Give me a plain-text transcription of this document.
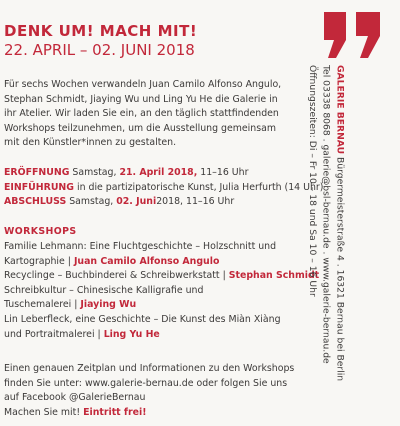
DENK UM! MACH MIT!
22. APRIL – 02. JUNI 2018
Für sechs Wochen verwandeln Juan Camilo Alfonso Angulo,
Stephan Schmidt, Jiaying Wu und Ling Yu He die Galerie in
ihr Atelier. Wir laden Sie ein, an den täglich stattfindenden
Workshops teilzunehmen, um die Ausstellung gemeinsam
mit den Künstler*innen zu gestalten.
ERÖFFNUNG Samstag, 21. April 2018, 11–16 Uhr
EINFÜHRUNG in die partizipatorische Kunst, Julia Herfurth (14 Uhr)
ABSCHLUSS Samstag, 02. Juni2018, 11–16 Uhr
WORKSHOPS
Familie Lehmann: Eine Fluchtgeschichte – Holzschnitt und
Kartographie | Juan Camilo Alfonso Angulo
Recyclinge – Buchbinderei & Schreibwerkstatt | Stephan Schmidt
Schreibkultur – Chinesische Kalligrafie und
Tuschemalerei | Jiaying Wu
Lin Leberfleck, eine Geschichte – Die Kunst des Miàn Xiàng
und Portraitmalerei | Ling Yu He
Einen genauen Zeitplan und Informationen zu den Workshops
finden Sie unter: www.galerie-bernau.de oder folgen Sie uns
auf Facebook @GalerieBernau
Machen Sie mit! Eintritt frei!
GALERIE BERNAU Bürgermeisterstraße 4 . 16321 Bernau bei Berlin
Tel 03338 8068 . galerie@bsl-bernau.de . www.galerie-bernau.de
Öffnungszeiten: Di – Fr 10 – 18 und Sa 10 – 16 Uhr
